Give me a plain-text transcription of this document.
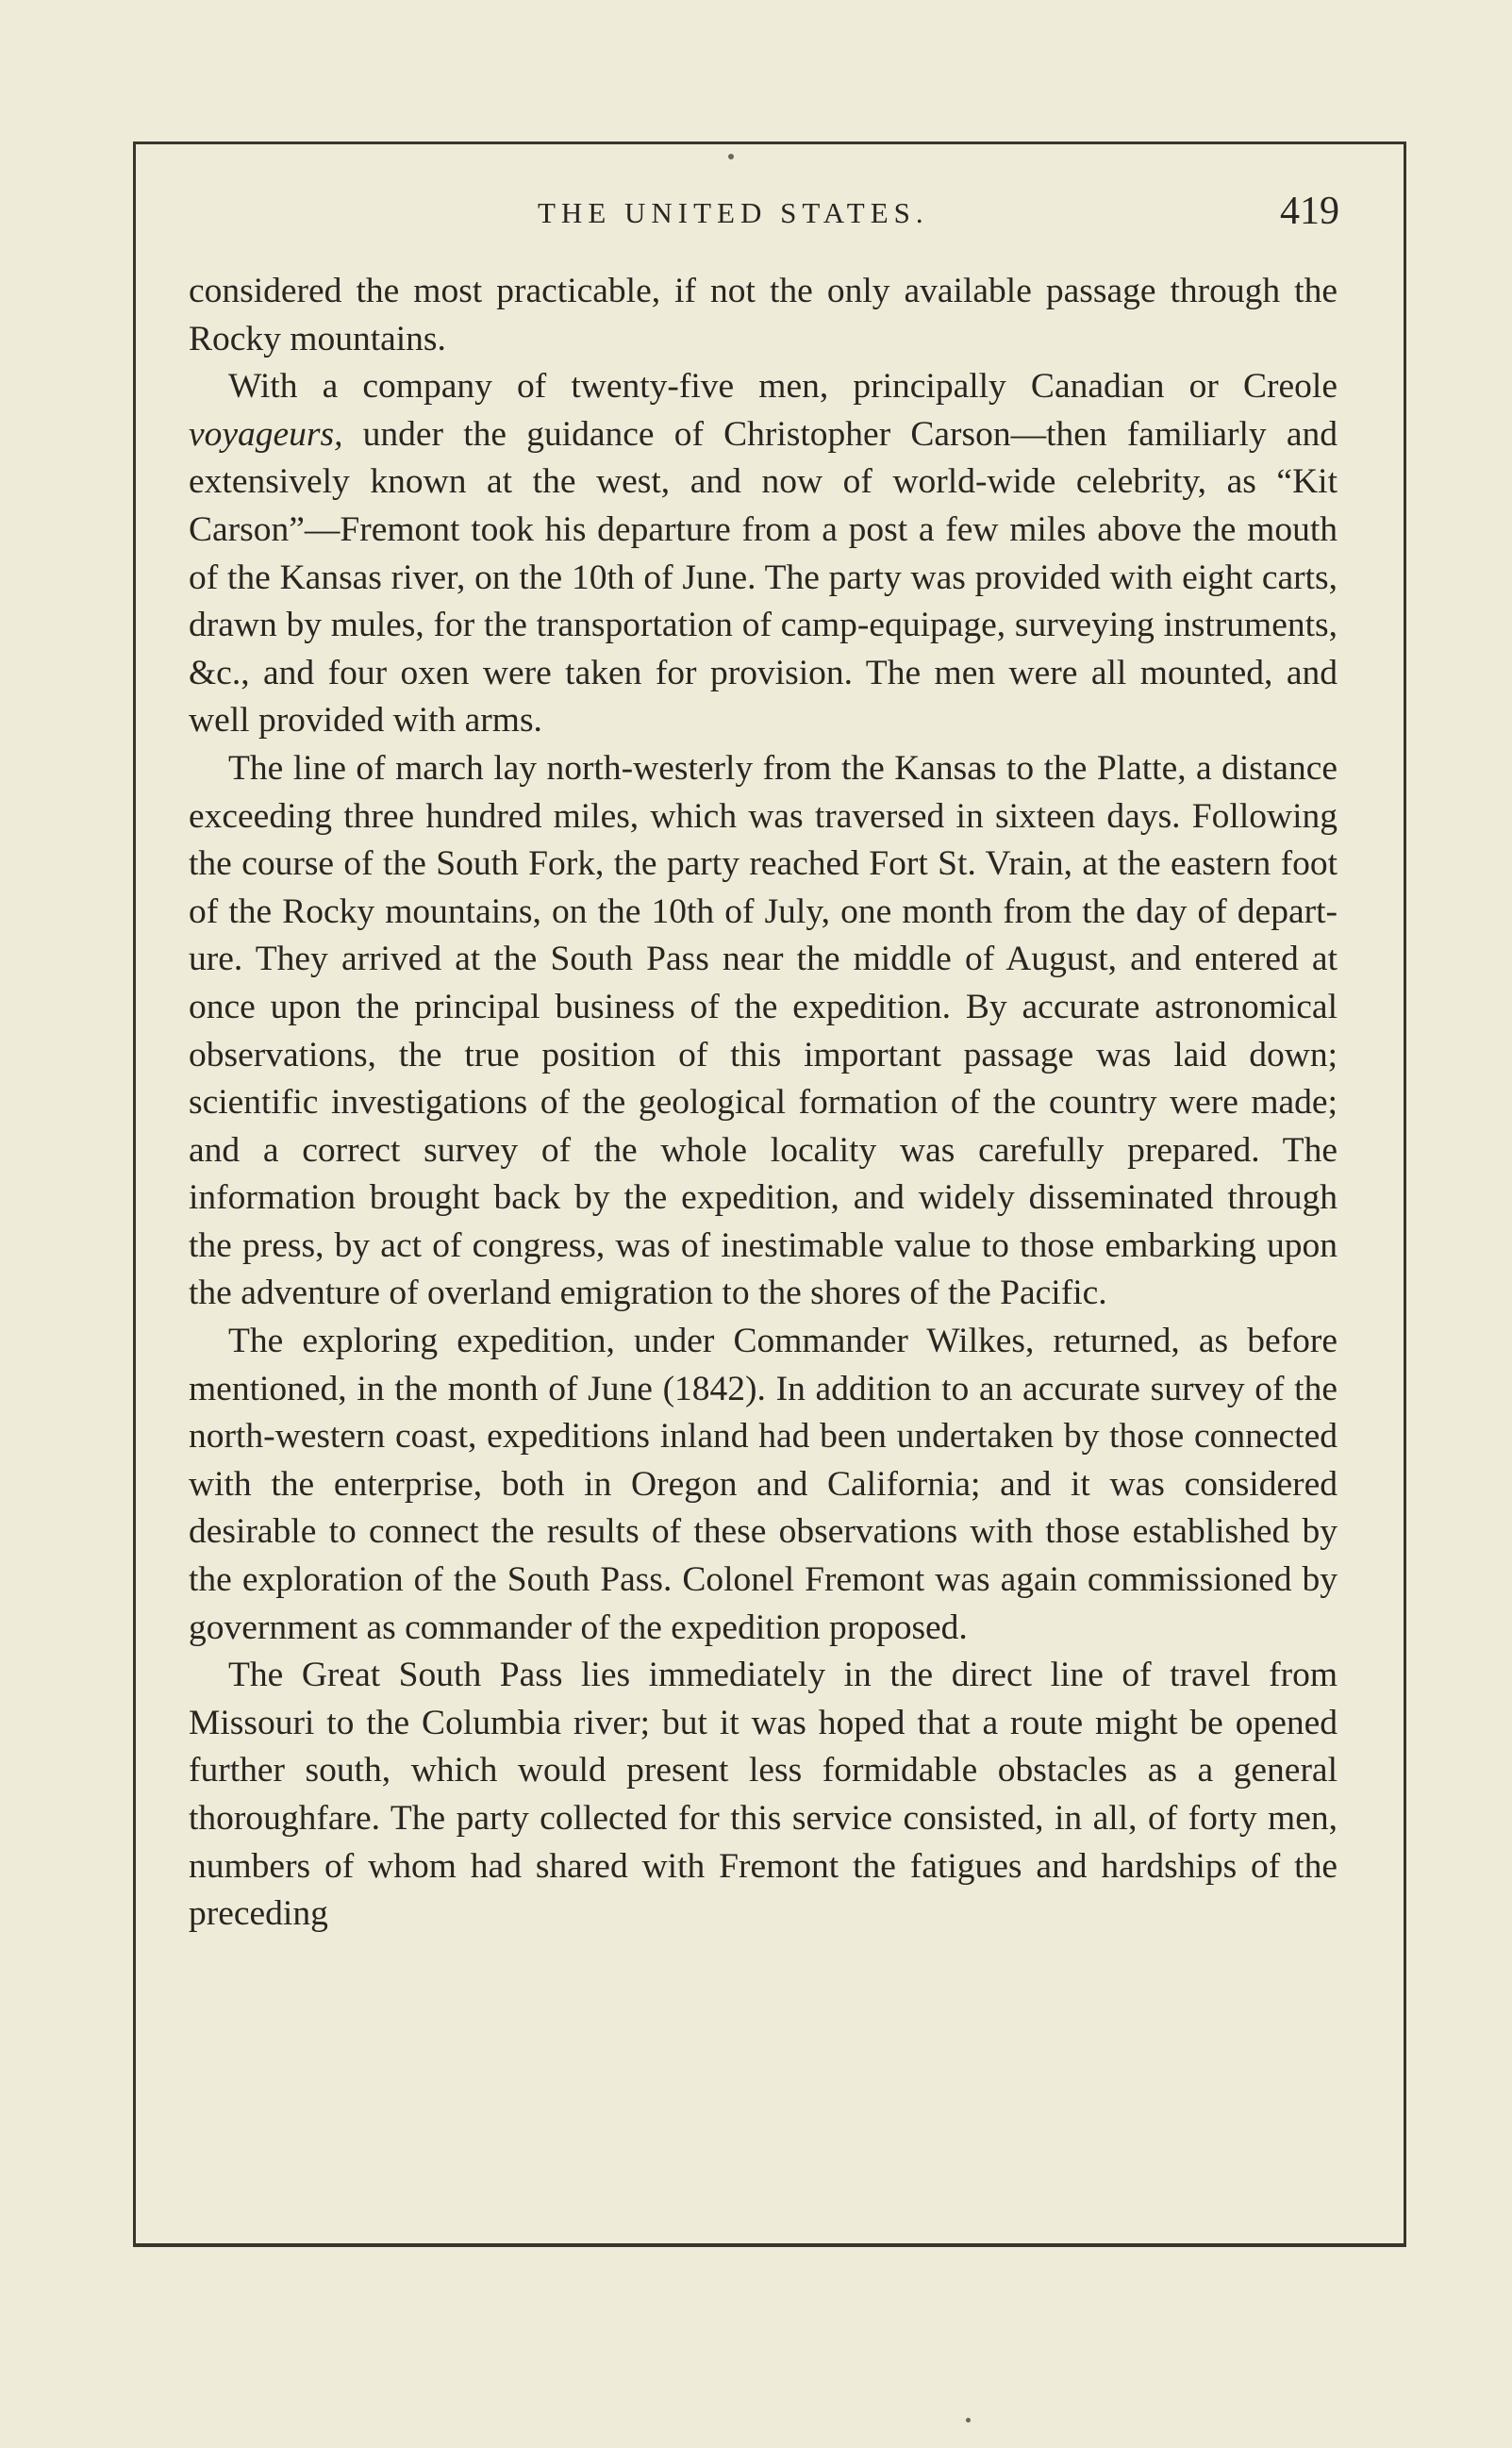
THE UNITED STATES.	419

considered the most practicable, if not the only available passage through the Rocky mountains.

With a company of twenty-five men, principally Canadian or Creole voyageurs, under the guidance of Christopher Carson—then familiarly and extensively known at the west, and now of world-wide celebrity, as “Kit Carson”—Fremont took his departure from a post a few miles above the mouth of the Kansas river, on the 10th of June. The party was provided with eight carts, drawn by mules, for the transportation of camp-equipage, surveying instruments, &c., and four oxen were taken for provision. The men were all mounted, and well provided with arms.

The line of march lay north-westerly from the Kansas to the Platte, a distance exceeding three hundred miles, which was traversed in sixteen days. Following the course of the South Fork, the party reached Fort St. Vrain, at the eastern foot of the Rocky mountains, on the 10th of July, one month from the day of departure. They arrived at the South Pass near the middle of August, and entered at once upon the principal business of the expedition. By accurate astronomical observations, the true position of this important passage was laid down; scientific investigations of the geological formation of the country were made; and a correct survey of the whole locality was carefully prepared. The information brought back by the expedition, and widely disseminated through the press, by act of congress, was of inestimable value to those embarking upon the adventure of overland emigration to the shores of the Pacific.

The exploring expedition, under Commander Wilkes, returned, as before mentioned, in the month of June (1842). In addition to an accurate survey of the north-western coast, expeditions inland had been undertaken by those connected with the enterprise, both in Oregon and California; and it was considered desirable to connect the results of these observations with those established by the exploration of the South Pass. Colonel Fremont was again commissioned by government as commander of the expedition proposed.

The Great South Pass lies immediately in the direct line of travel from Missouri to the Columbia river; but it was hoped that a route might be opened further south, which would present less formidable obstacles as a general thoroughfare. The party collected for this service consisted, in all, of forty men, numbers of whom had shared with Fremont the fatigues and hardships of the preceding
